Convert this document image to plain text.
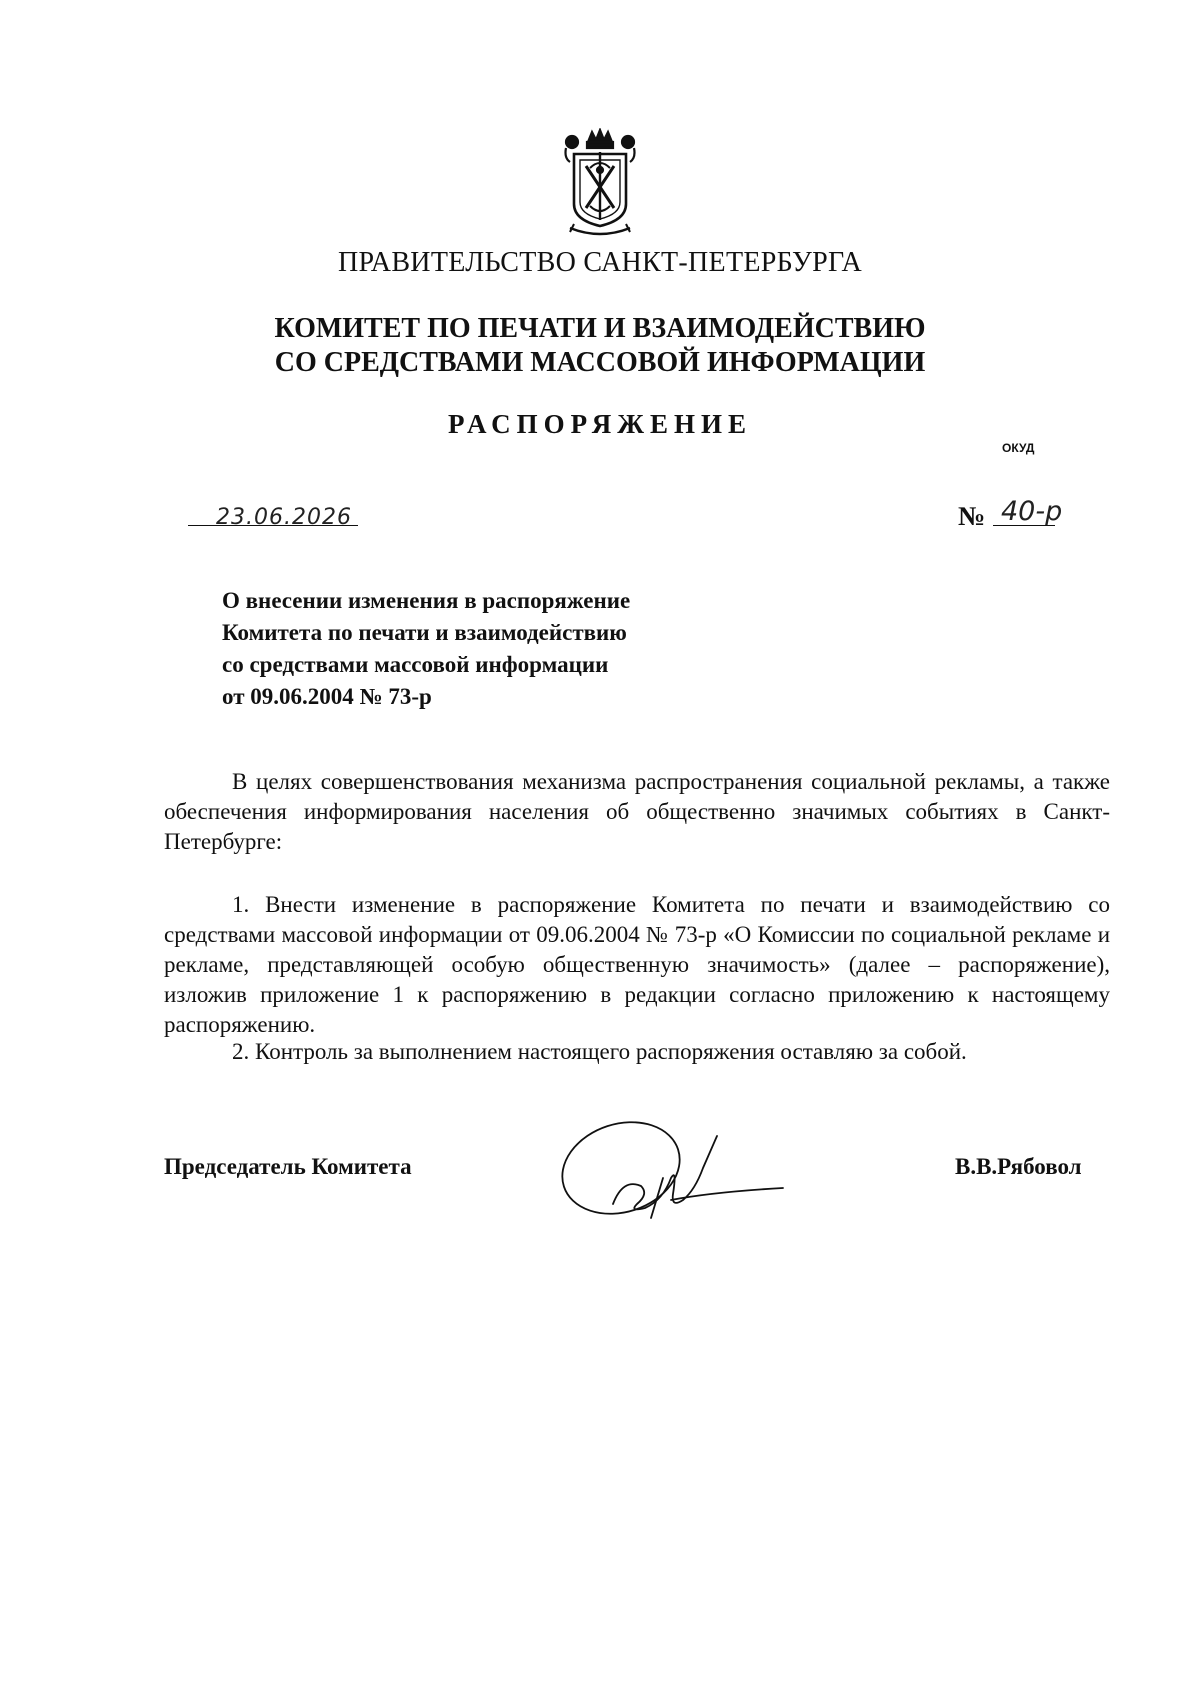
ПРАВИТЕЛЬСТВО САНКТ-ПЕТЕРБУРГА
КОМИТЕТ ПО ПЕЧАТИ И ВЗАИМОДЕЙСТВИЮ
СО СРЕДСТВАМИ МАССОВОЙ ИНФОРМАЦИИ
РАСПОРЯЖЕНИЕ
ОКУД
23.06.2026	№ 40-р
О внесении изменения в распоряжение
Комитета по печати и взаимодействию
со средствами массовой информации
от 09.06.2004 № 73-р
В целях совершенствования механизма распространения социальной рекламы, а также обеспечения информирования населения об общественно значимых событиях в Санкт-Петербурге:
1. Внести изменение в распоряжение Комитета по печати и взаимодействию со средствами массовой информации от 09.06.2004 № 73-р «О Комиссии по социальной рекламе и рекламе, представляющей особую общественную значимость» (далее – распоряжение), изложив приложение 1 к распоряжению в редакции согласно приложению к настоящему распоряжению.
2. Контроль за выполнением настоящего распоряжения оставляю за собой.
Председатель Комитета	В.В.Рябовол
